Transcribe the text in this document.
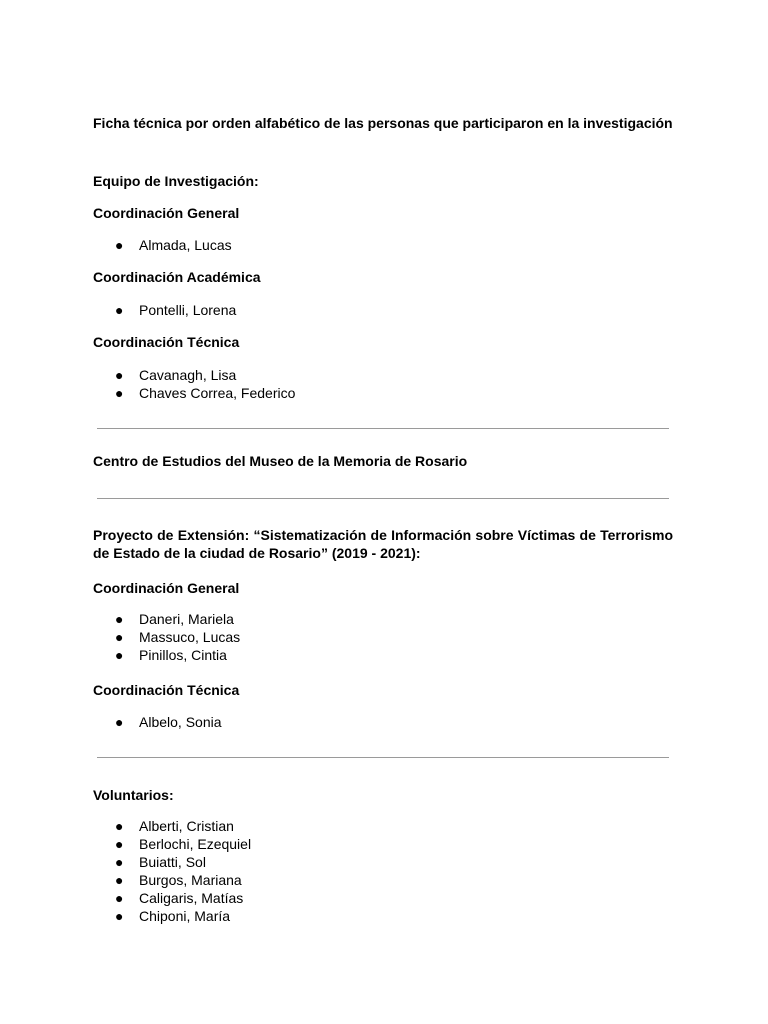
Ficha técnica por orden alfabético de las personas que participaron en la investigación
Equipo de Investigación:
Coordinación General
● Almada, Lucas
Coordinación Académica
● Pontelli, Lorena
Coordinación Técnica
● Cavanagh, Lisa
● Chaves Correa, Federico
Centro de Estudios del Museo de la Memoria de Rosario
Proyecto de Extensión: “Sistematización de Información sobre Víctimas de Terrorismo de Estado de la ciudad de Rosario” (2019 - 2021):
Coordinación General
● Daneri, Mariela
● Massuco, Lucas
● Pinillos, Cintia
Coordinación Técnica
● Albelo, Sonia
Voluntarios:
● Alberti, Cristian
● Berlochi, Ezequiel
● Buiatti, Sol
● Burgos, Mariana
● Caligaris, Matías
● Chiponi, María
